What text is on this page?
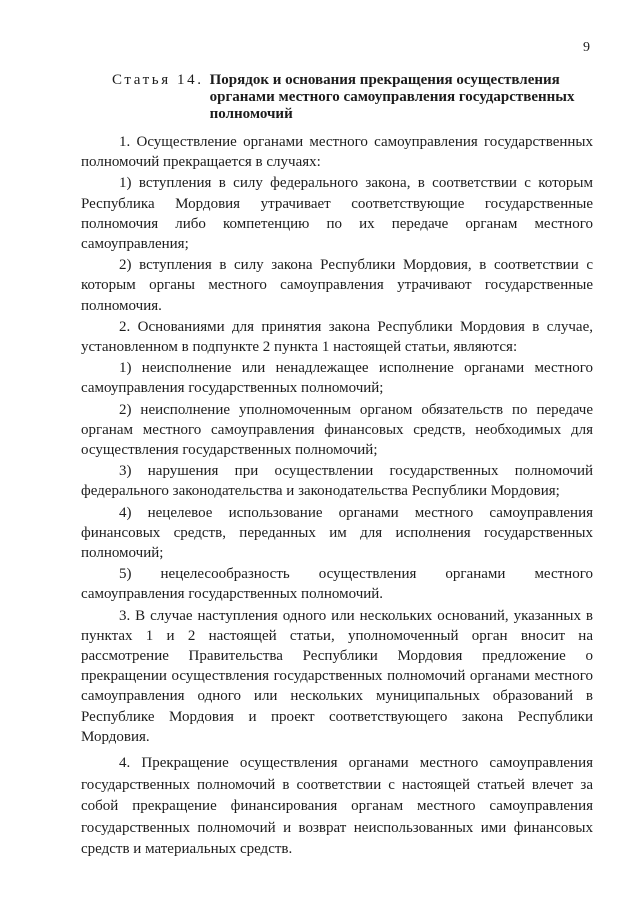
9
Статья 14. Порядок и основания прекращения осуществления органами местного самоуправления государственных полномочий

1. Осуществление органами местного самоуправления государственных полномочий прекращается в случаях:

1) вступления в силу федерального закона, в соответствии с которым Республика Мордовия утрачивает соответствующие государственные полномочия либо компетенцию по их передаче органам местного самоуправления;

2) вступления в силу закона Республики Мордовия, в соответствии с которым органы местного самоуправления утрачивают государственные полномочия.

2. Основаниями для принятия закона Республики Мордовия в случае, установленном в подпункте 2 пункта 1 настоящей статьи, являются:

1) неисполнение или ненадлежащее исполнение органами местного самоуправления государственных полномочий;

2) неисполнение уполномоченным органом обязательств по передаче органам местного самоуправления финансовых средств, необходимых для осуществления государственных полномочий;

3) нарушения при осуществлении государственных полномочий федерального законодательства и законодательства Республики Мордовия;

4) нецелевое использование органами местного самоуправления финансовых средств, переданных им для исполнения государственных полномочий;

5) нецелесообразность осуществления органами местного самоуправления государственных полномочий.

3. В случае наступления одного или нескольких оснований, указанных в пунктах 1 и 2 настоящей статьи, уполномоченный орган вносит на рассмотрение Правительства Республики Мордовия предложение о прекращении осуществления государственных полномочий органами местного самоуправления одного или нескольких муниципальных образований в Республике Мордовия и проект соответствующего закона Республики Мордовия.

4. Прекращение осуществления органами местного самоуправления государственных полномочий в соответствии с настоящей статьей влечет за собой прекращение финансирования органам местного самоуправления государственных полномочий и возврат неиспользованных ими финансовых средств и материальных средств.
